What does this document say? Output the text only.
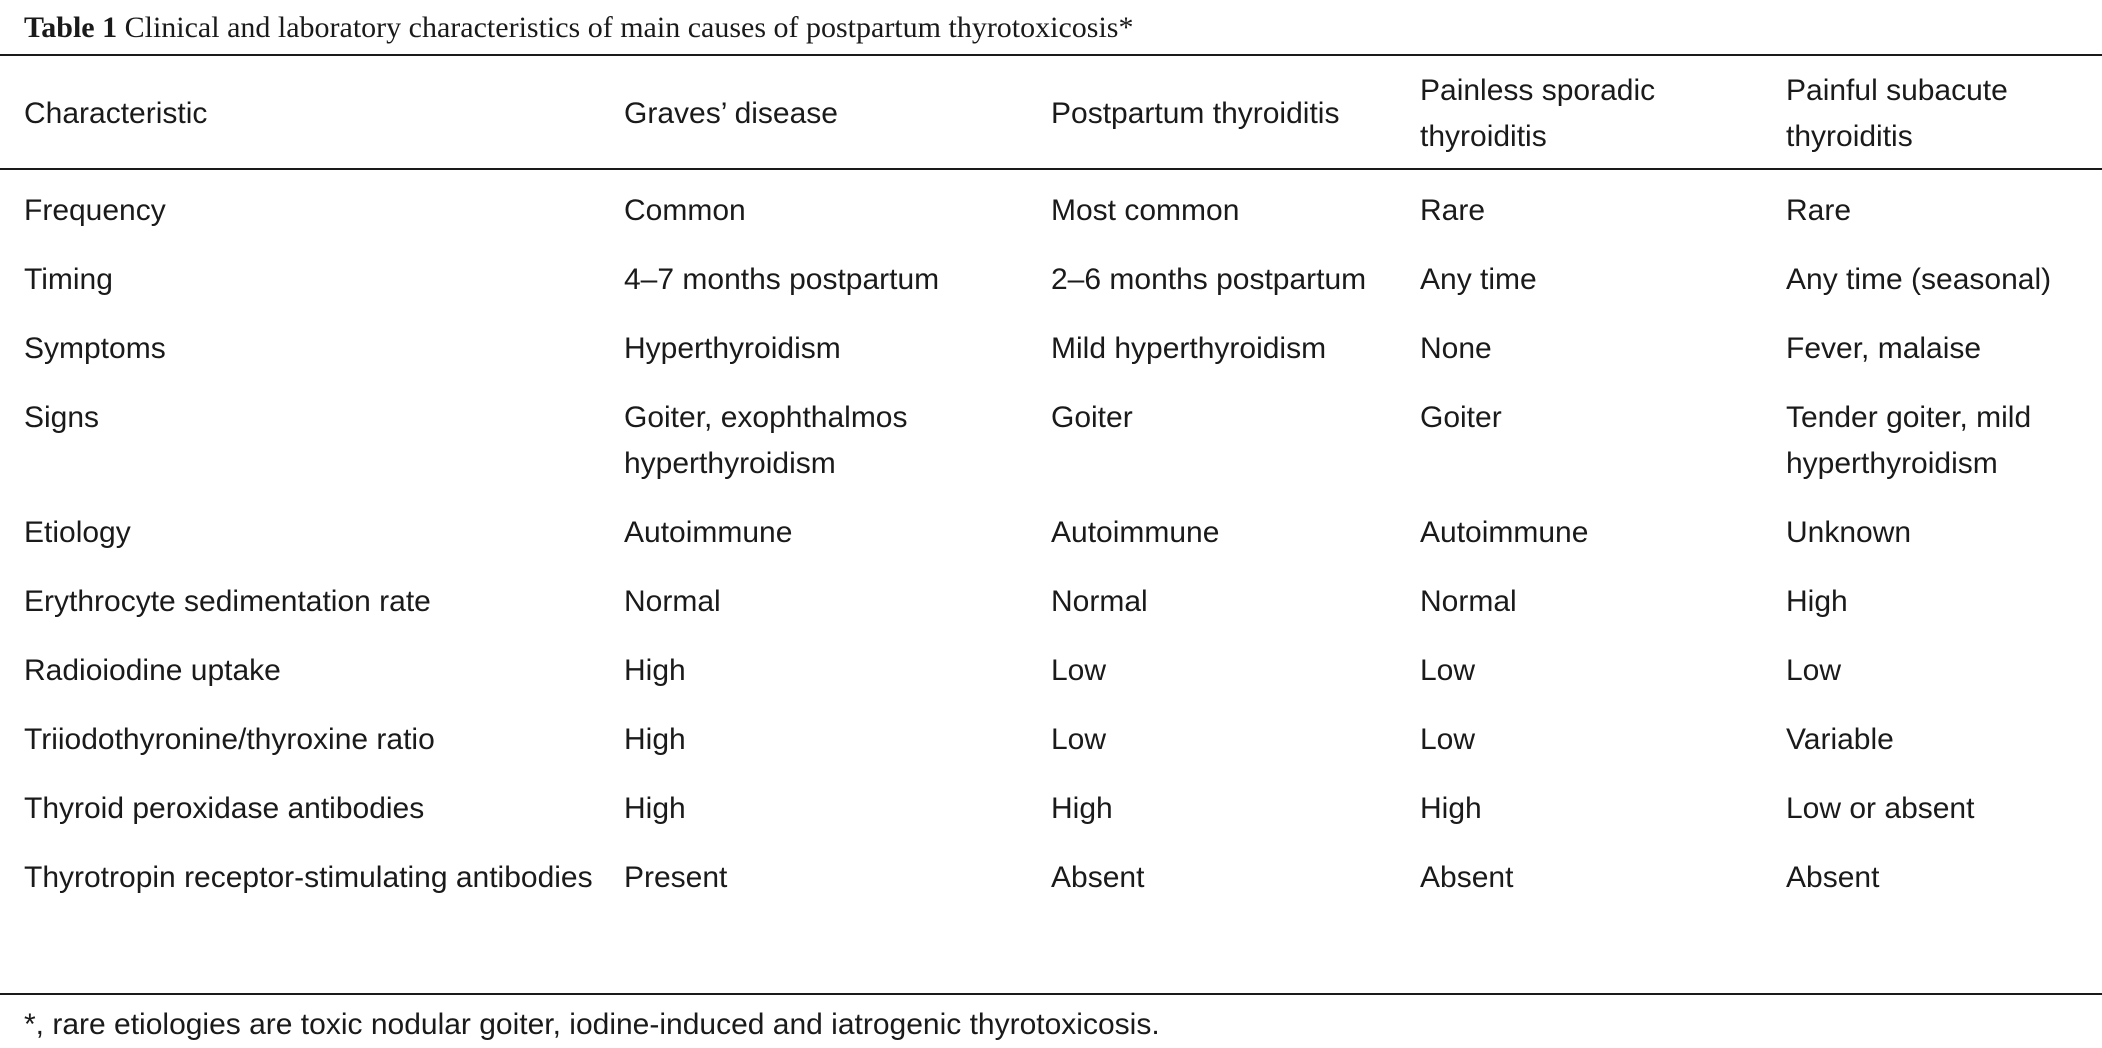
Table 1 Clinical and laboratory characteristics of main causes of postpartum thyrotoxicosis*
Characteristic	Graves’ disease	Postpartum thyroiditis	Painless sporadic thyroiditis	Painful subacute thyroiditis
Frequency	Common	Most common	Rare	Rare
Timing	4–7 months postpartum	2–6 months postpartum	Any time	Any time (seasonal)
Symptoms	Hyperthyroidism	Mild hyperthyroidism	None	Fever, malaise
Signs	Goiter, exophthalmos hyperthyroidism	Goiter	Goiter	Tender goiter, mild hyperthyroidism
Etiology	Autoimmune	Autoimmune	Autoimmune	Unknown
Erythrocyte sedimentation rate	Normal	Normal	Normal	High
Radioiodine uptake	High	Low	Low	Low
Triiodothyronine/thyroxine ratio	High	Low	Low	Variable
Thyroid peroxidase antibodies	High	High	High	Low or absent
Thyrotropin receptor-stimulating antibodies	Present	Absent	Absent	Absent
*, rare etiologies are toxic nodular goiter, iodine-induced and iatrogenic thyrotoxicosis.
